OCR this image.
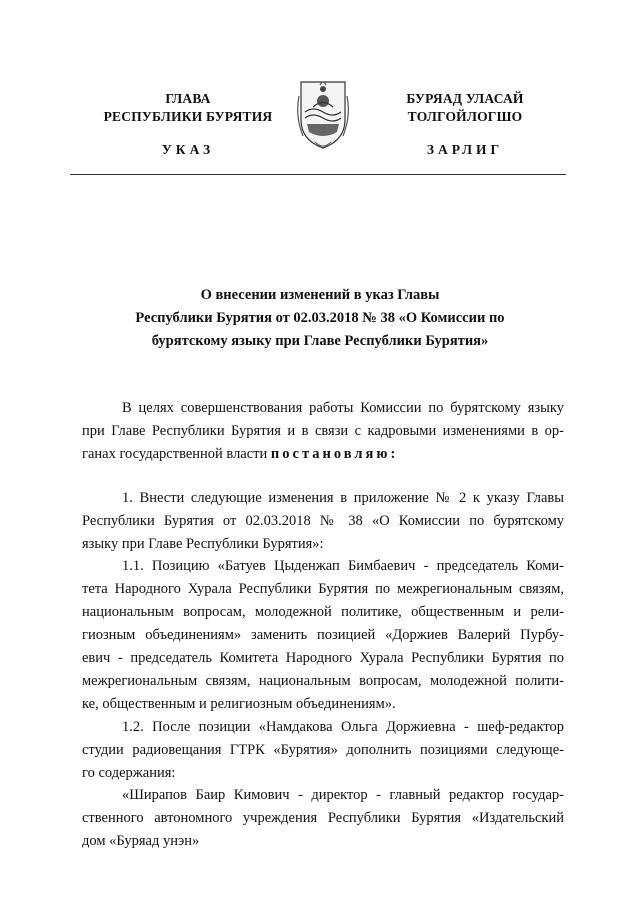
ГЛАВА
РЕСПУБЛИКИ БУРЯТИЯ
БУРЯАД УЛАСАЙ
ТОЛГОЙЛОГШО
УКАЗ	ЗАРЛИГ
О внесении изменений в указ Главы
Республики Бурятия от 02.03.2018 № 38 «О Комиссии по
бурятскому языку при Главе Республики Бурятия»
В целях совершенствования работы Комиссии по бурятскому языку
при Главе Республики Бурятия и в связи с кадровыми изменениями в ор-
ганах государственной власти постановляю:
1. Внести следующие изменения в приложение № 2 к указу Главы
Республики Бурятия от 02.03.2018 № 38 «О Комиссии по бурятскому
языку при Главе Республики Бурятия»:
1.1. Позицию «Батуев Цыденжап Бимбаевич - председатель Коми-
тета Народного Хурала Республики Бурятия по межрегиональным связям,
национальным вопросам, молодежной политике, общественным и рели-
гиозным объединениям» заменить позицией «Доржиев Валерий Пурбу-
евич - председатель Комитета Народного Хурала Республики Бурятия по
межрегиональным связям, национальным вопросам, молодежной полити-
ке, общественным и религиозным объединениям».
1.2. После позиции «Намдакова Ольга Доржиевна - шеф-редактор
студии радиовещания ГТРК «Бурятия» дополнить позициями следующе-
го содержания:
«Ширапов Баир Кимович - директор - главный редактор государ-
ственного автономного учреждения Республики Бурятия «Издательский
дом «Буряад унэн»
